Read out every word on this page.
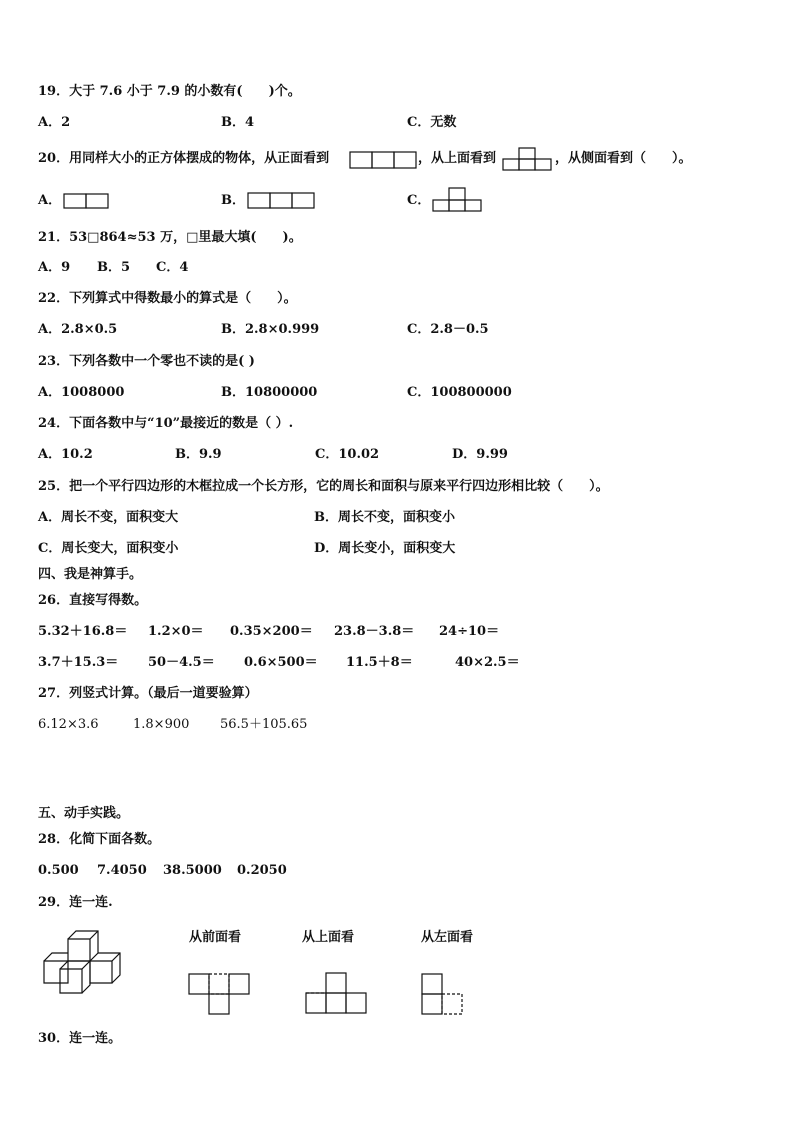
19．大于 7.6 小于 7.9 的小数有(　　)个。
A．2	B．4	C．无数
20．用同样大小的正方体摆成的物体，从正面看到	，从上面看到	，从侧面看到（　　）。
A．	B．	C．
21．53□864≈53 万，□里最大填(　　)。
A．9 B．5 C．4
22．下列算式中得数最小的算式是（　　）。
A．2.8×0.5	B．2.8×0.999	C．2.8－0.5
23．下列各数中一个零也不读的是( )
A．1008000	B．10800000	C．100800000
24．下面各数中与“10”最接近的数是（ ）.
A．10.2	B．9.9	C．10.02	D．9.99
25．把一个平行四边形的木框拉成一个长方形，它的周长和面积与原来平行四边形相比较（　　）。
A．周长不变，面积变大	B．周长不变，面积变小
C．周长变大，面积变小	D．周长变小，面积变大
四、我是神算手。
26．直接写得数。
5.32＋16.8＝ 1.2×0＝ 0.35×200＝ 23.8－3.8＝ 24÷10＝
3.7＋15.3＝ 50－4.5＝ 0.6×500＝ 11.5＋8＝	40×2.5＝
27．列竖式计算。（最后一道要验算）
6.12×3.6	1.8×900 56.5＋105.65
五、动手实践。
28．化简下面各数。
0.500 7.4050 38.5000 0.2050
29．连一连.
从前面看	从上面看	从左面看
30．连一连。
